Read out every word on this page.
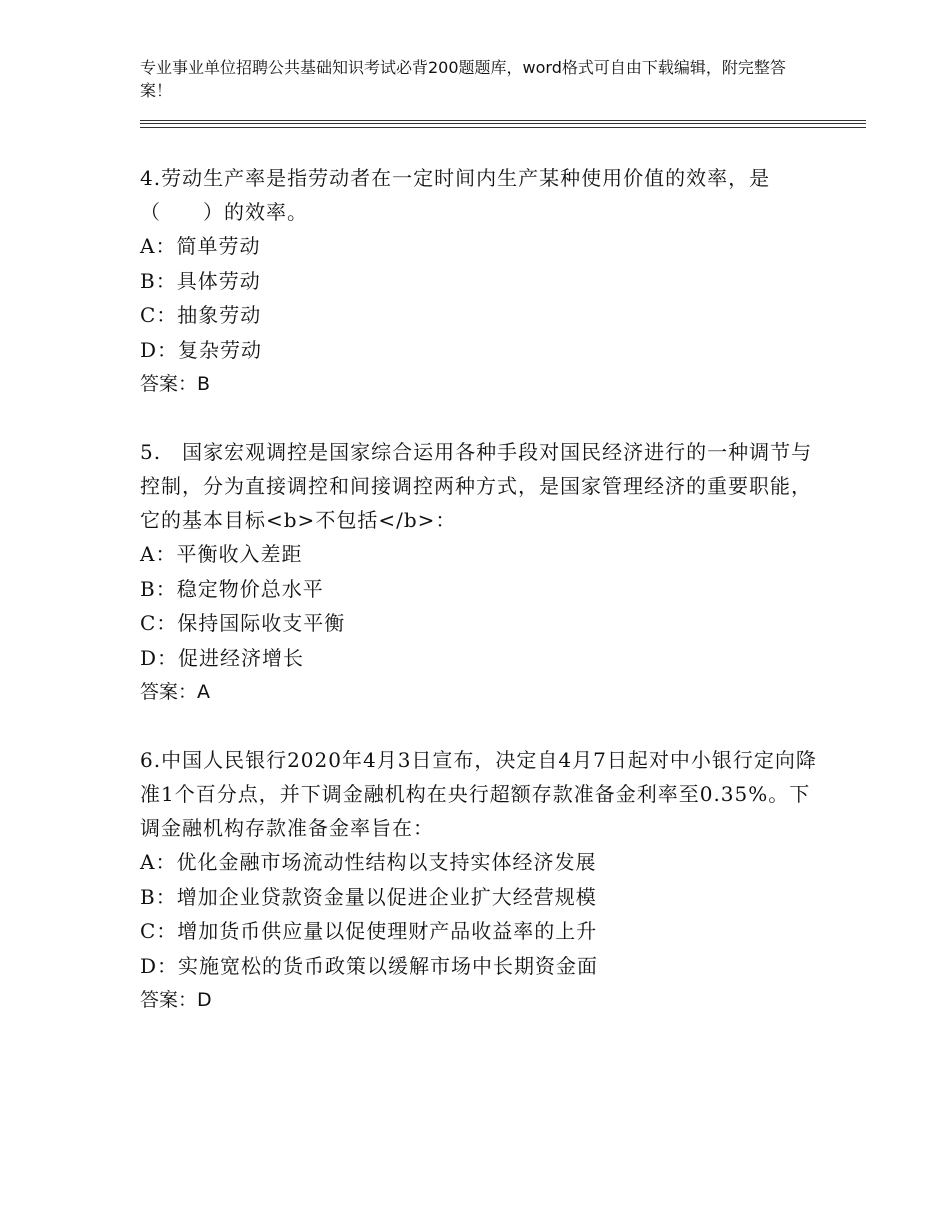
专业事业单位招聘公共基础知识考试必背200题题库，word格式可自由下载编辑，附完整答案！
4.劳动生产率是指劳动者在一定时间内生产某种使用价值的效率，是（　　）的效率。
A：简单劳动
B：具体劳动
C：抽象劳动
D：复杂劳动
答案：B
5.　国家宏观调控是国家综合运用各种手段对国民经济进行的一种调节与控制，分为直接调控和间接调控两种方式，是国家管理经济的重要职能，它的基本目标<b>不包括</b>：
A：平衡收入差距
B：稳定物价总水平
C：保持国际收支平衡
D：促进经济增长
答案：A
6.中国人民银行2020年4月3日宣布，决定自4月7日起对中小银行定向降准1个百分点，并下调金融机构在央行超额存款准备金利率至0.35%。下调金融机构存款准备金率旨在：
A：优化金融市场流动性结构以支持实体经济发展
B：增加企业贷款资金量以促进企业扩大经营规模
C：增加货币供应量以促使理财产品收益率的上升
D：实施宽松的货币政策以缓解市场中长期资金面
答案：D
